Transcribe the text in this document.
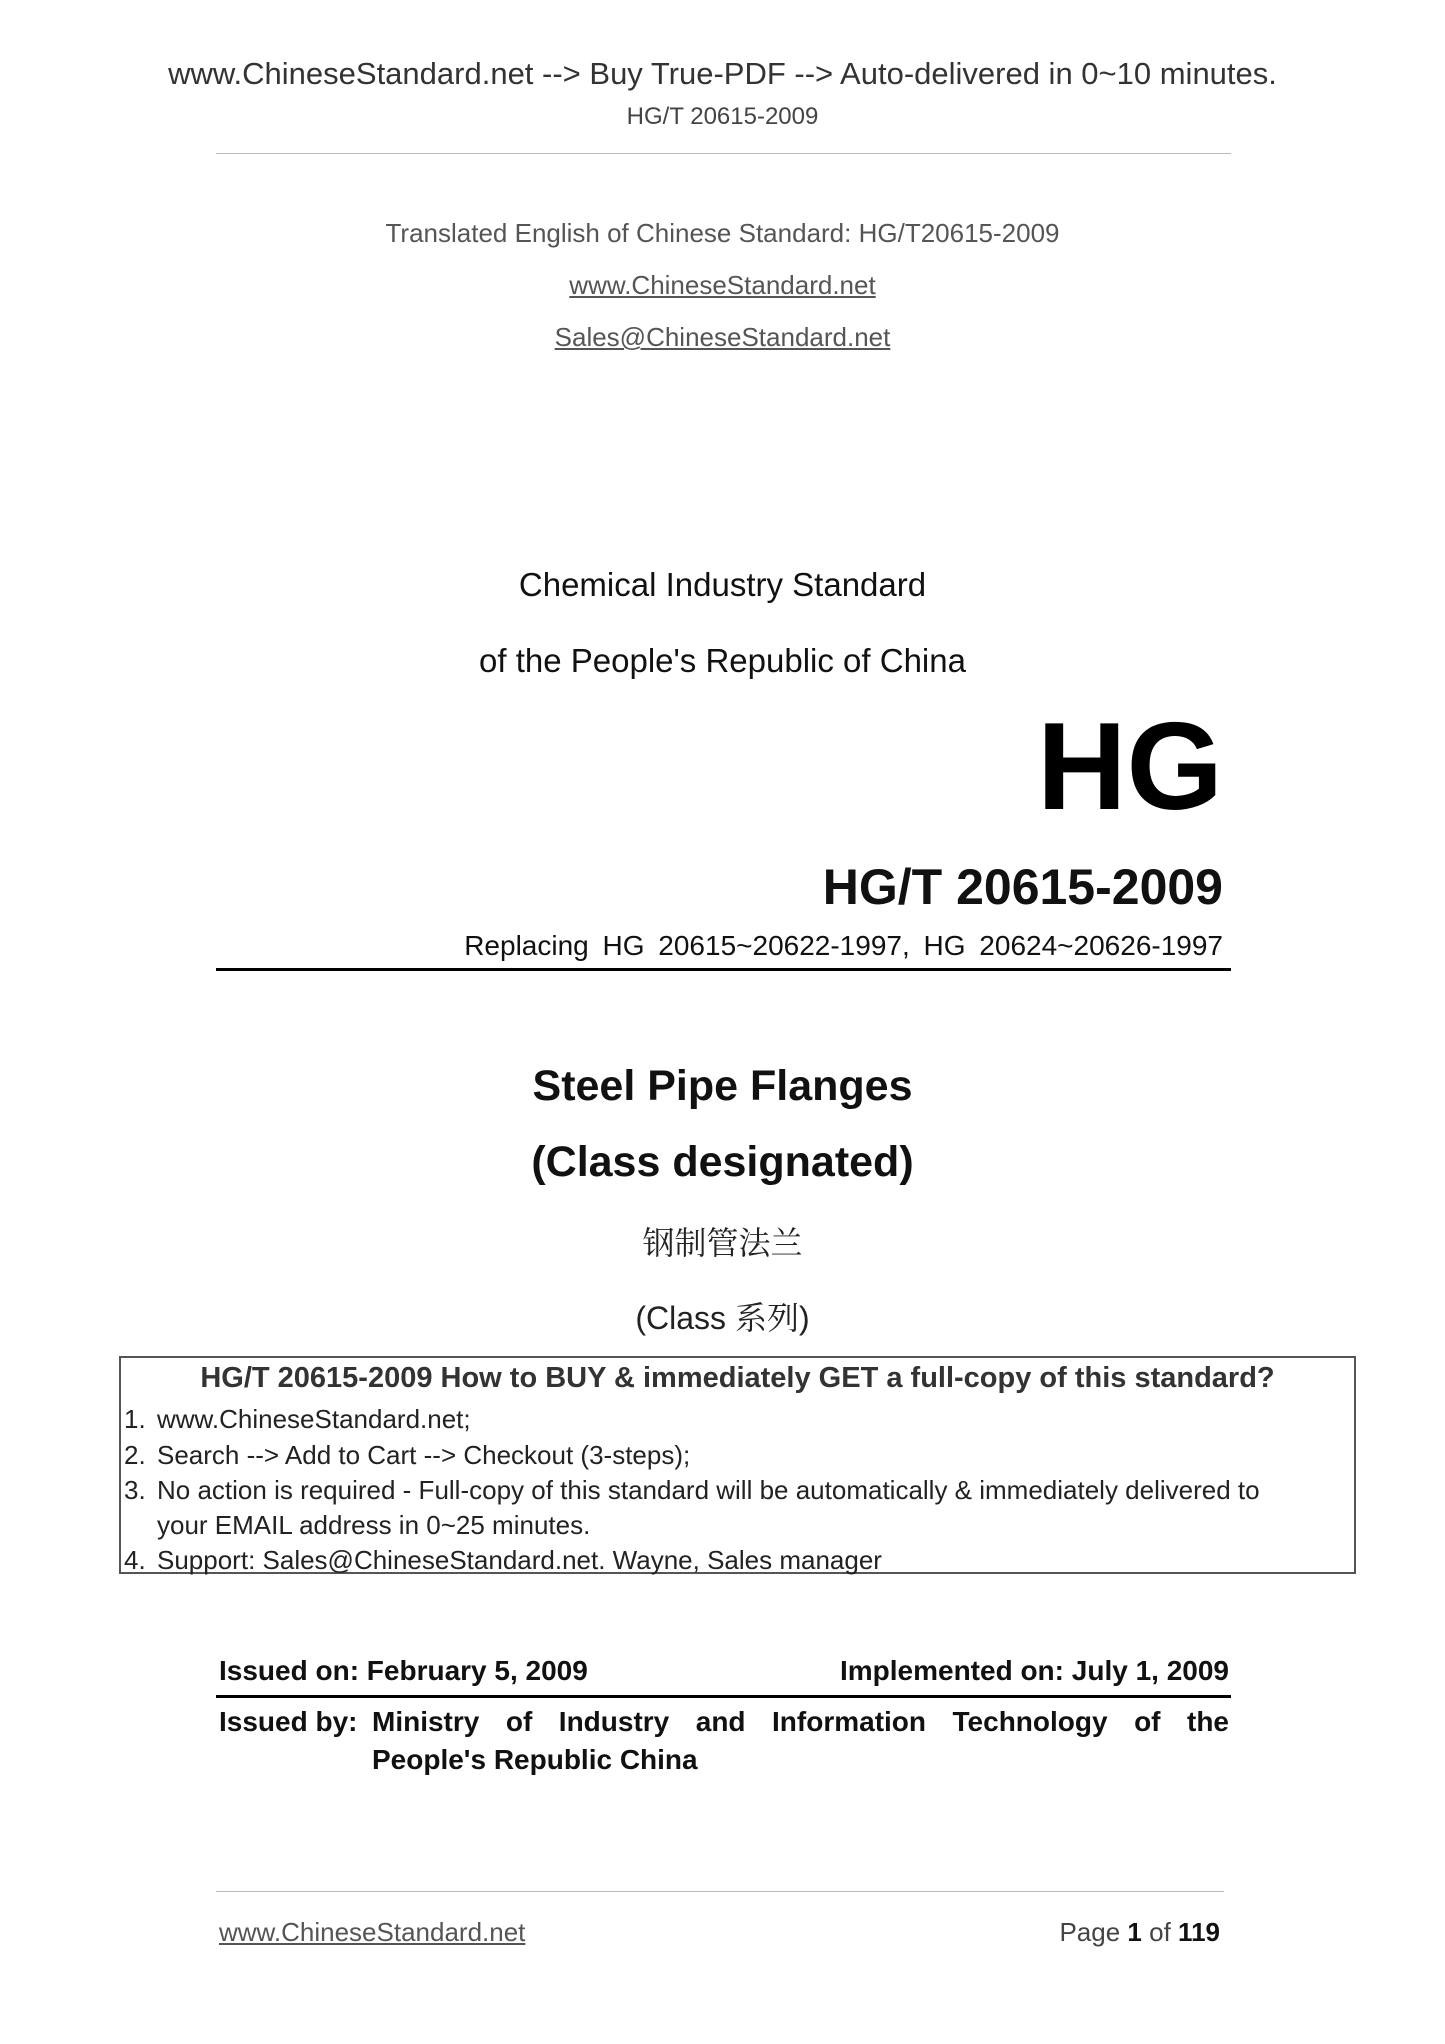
www.ChineseStandard.net --> Buy True-PDF --> Auto-delivered in 0~10 minutes.
HG/T 20615-2009
Translated English of Chinese Standard: HG/T20615-2009
www.ChineseStandard.net
Sales@ChineseStandard.net
Chemical Industry Standard
of the People's Republic of China
HG
HG/T 20615-2009
Replacing HG 20615~20622-1997, HG 20624~20626-1997
Steel Pipe Flanges
(Class designated)
钢制管法兰
(Class 系列)
HG/T 20615-2009 How to BUY & immediately GET a full-copy of this standard?
1. www.ChineseStandard.net;
2. Search --> Add to Cart --> Checkout (3-steps);
3. No action is required - Full-copy of this standard will be automatically & immediately delivered to
your EMAIL address in 0~25 minutes.
4. Support: Sales@ChineseStandard.net. Wayne, Sales manager
Issued on: February 5, 2009	Implemented on: July 1, 2009
Issued by: Ministry of Industry and Information Technology of the
People's Republic China
www.ChineseStandard.net	Page 1 of 119
